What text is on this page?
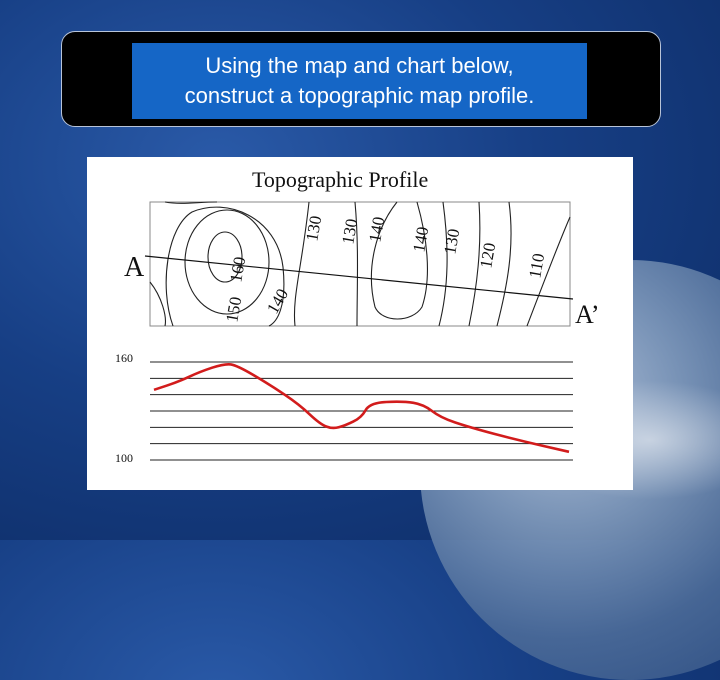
Using the map and chart below,
construct a topographic map profile.
Topographic Profile
A
A’
130 130 140 140 130 120 110
160
150 140
160
100
